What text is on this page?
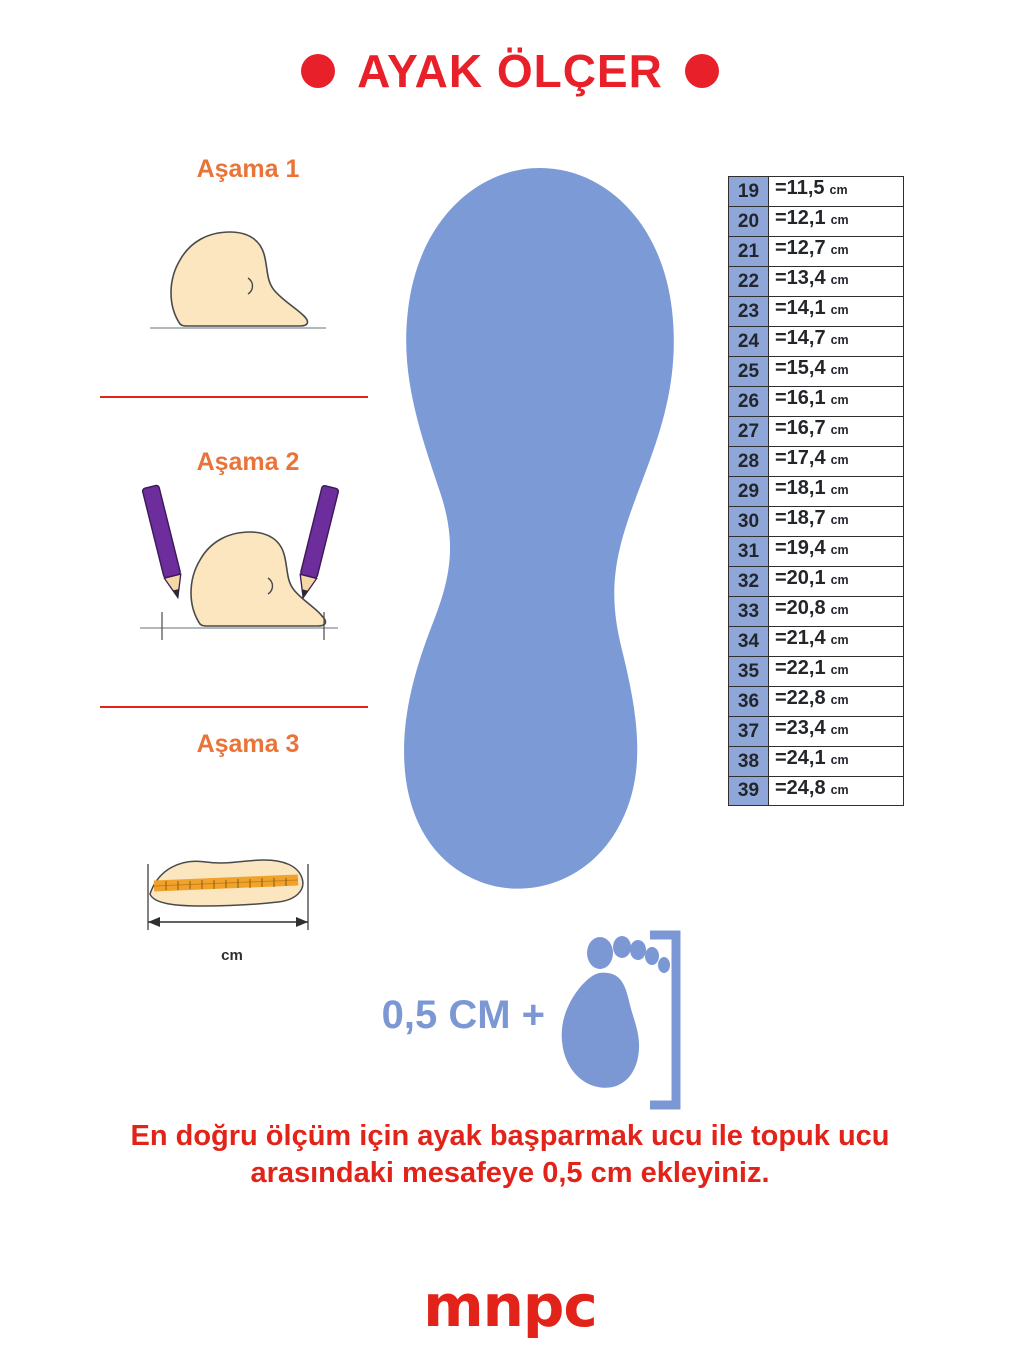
AYAK ÖLÇER
Aşama 1
Aşama 2
Aşama 3
cm
19 =11,5 cm
20 =12,1 cm
21 =12,7 cm
22 =13,4 cm
23 =14,1 cm
24 =14,7 cm
25 =15,4 cm
26 =16,1 cm
27 =16,7 cm
28 =17,4 cm
29 =18,1 cm
30 =18,7 cm
31 =19,4 cm
32 =20,1 cm
33 =20,8 cm
34 =21,4 cm
35 =22,1 cm
36 =22,8 cm
37 =23,4 cm
38 =24,1 cm
39 =24,8 cm
0,5 CM +
En doğru ölçüm için ayak başparmak ucu ile topuk ucu arasındaki mesafeye 0,5 cm ekleyiniz.
mnpc
